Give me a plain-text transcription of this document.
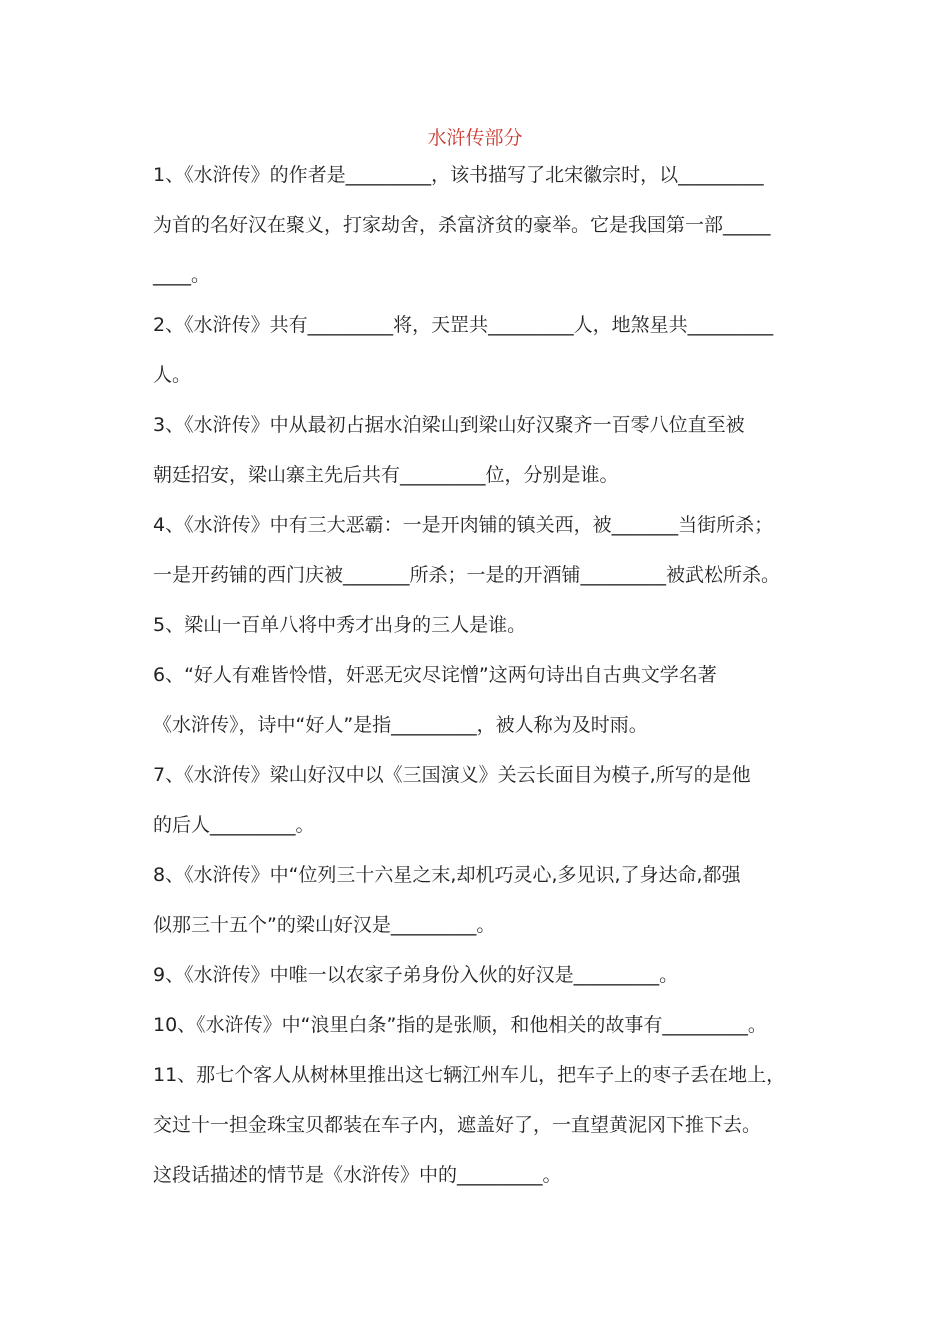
水浒传部分
1、《水浒传》的作者是_________，该书描写了北宋徽宗时，以_________
为首的名好汉在聚义，打家劫舍，杀富济贫的豪举。它是我国第一部_____
____。
2、《水浒传》共有_________将，天罡共_________人，地煞星共_________
人。
3、《水浒传》中从最初占据水泊梁山到梁山好汉聚齐一百零八位直至被
朝廷招安，梁山寨主先后共有_________位，分别是谁。
4、《水浒传》中有三大恶霸：一是开肉铺的镇关西，被_______当街所杀；
一是开药铺的西门庆被_______所杀；一是的开酒铺_________被武松所杀。
5、梁山一百单八将中秀才出身的三人是谁。
6、“好人有难皆怜惜，奸恶无灾尽诧憎”这两句诗出自古典文学名著
《水浒传》，诗中“好人”是指_________，被人称为及时雨。
7、《水浒传》梁山好汉中以《三国演义》关云长面目为模子,所写的是他
的后人_________。
8、《水浒传》中“位列三十六星之末,却机巧灵心,多见识,了身达命,都强
似那三十五个”的梁山好汉是_________。
9、《水浒传》中唯一以农家子弟身份入伙的好汉是_________。
10、《水浒传》中“浪里白条”指的是张顺，和他相关的故事有_________。
11、那七个客人从树林里推出这七辆江州车儿，把车子上的枣子丢在地上，
交过十一担金珠宝贝都装在车子内，遮盖好了，一直望黄泥冈下推下去。
这段话描述的情节是《水浒传》中的_________。
